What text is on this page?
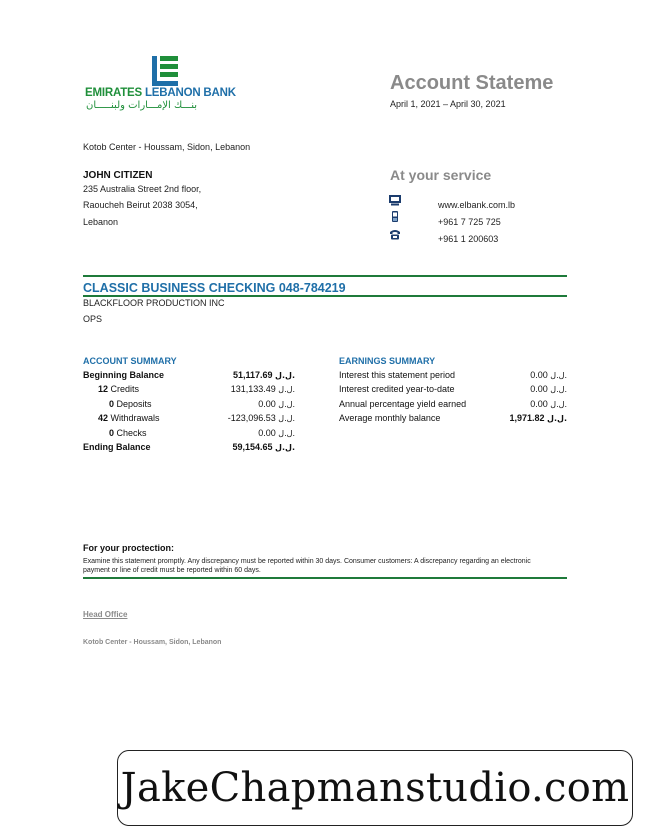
EMIRATES LEBANON BANK
بنـــك الإمـــارات ولبنـــــان
Account Stateme
April 1, 2021 – April 30, 2021
Kotob Center - Houssam, Sidon, Lebanon
JOHN CITIZEN
235 Australia Street 2nd floor,
Raoucheh Beirut 2038 3054,
Lebanon
At your service
www.elbank.com.lb
+961 7 725 725
+961 1 200603
CLASSIC BUSINESS CHECKING 048-784219
BLACKFLOOR PRODUCTION INC
OPS
ACCOUNT SUMMARY
Beginning Balance	51,117.69 ل.ل.
12 Credits	131,133.49 ل.ل.
0 Deposits	0.00 ل.ل.
42 Withdrawals	-123,096.53 ل.ل.
0 Checks	0.00 ل.ل.
Ending Balance	59,154.65 ل.ل.
EARNINGS SUMMARY
Interest this statement period	0.00 ل.ل.
Interest credited year-to-date	0.00 ل.ل.
Annual percentage yield earned	0.00 ل.ل.
Average monthly balance	1,971.82 ل.ل.
For your proctection:
Examine this statement promptly. Any discrepancy must be reported within 30 days. Consumer customers: A discrepancy regarding an electronic payment or line of credit must be reported within 60 days.
Head Office
Kotob Center - Houssam, Sidon, Lebanon
JakeChapmanstudio.com
